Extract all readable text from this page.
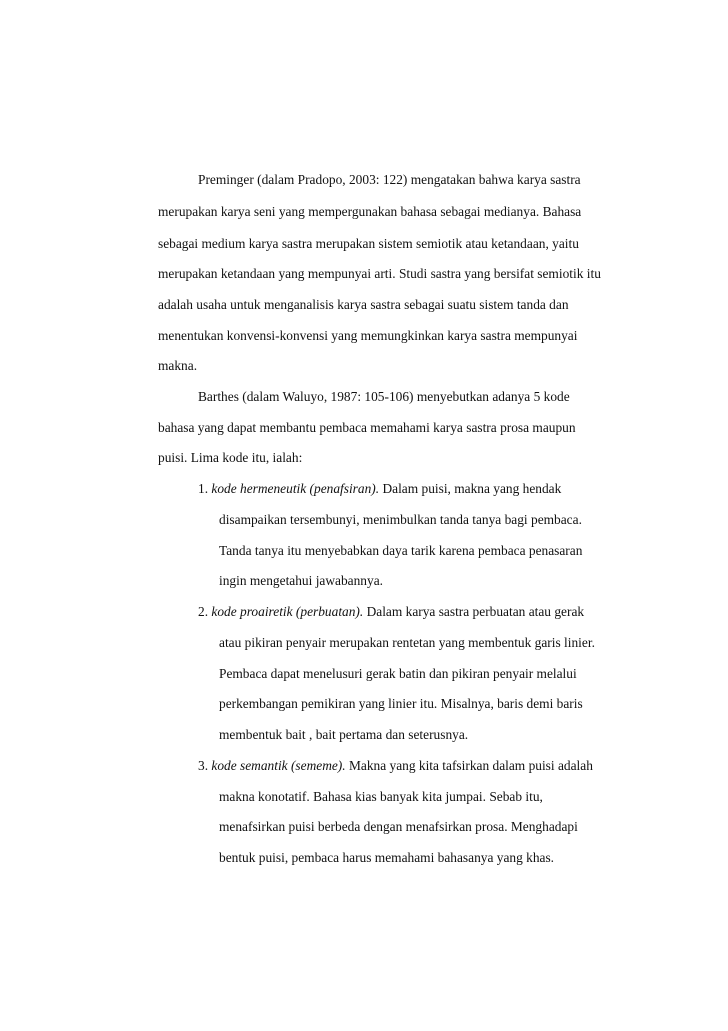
Preminger (dalam Pradopo, 2003: 122) mengatakan bahwa karya sastra
merupakan karya seni yang mempergunakan bahasa sebagai medianya. Bahasa
sebagai medium karya sastra merupakan sistem semiotik atau ketandaan, yaitu
merupakan ketandaan yang mempunyai arti. Studi sastra yang bersifat semiotik itu
adalah usaha untuk menganalisis karya sastra sebagai suatu sistem tanda dan
menentukan konvensi-konvensi yang memungkinkan karya sastra mempunyai
makna.
Barthes (dalam Waluyo, 1987: 105-106) menyebutkan adanya 5 kode
bahasa yang dapat membantu pembaca memahami karya sastra prosa maupun
puisi. Lima kode itu, ialah:
1. kode hermeneutik (penafsiran). Dalam puisi, makna yang hendak
disampaikan tersembunyi, menimbulkan tanda tanya bagi pembaca.
Tanda tanya itu menyebabkan daya tarik karena pembaca penasaran
ingin mengetahui jawabannya.
2. kode proairetik (perbuatan). Dalam karya sastra perbuatan atau gerak
atau pikiran penyair merupakan rentetan yang membentuk garis linier.
Pembaca dapat menelusuri gerak batin dan pikiran penyair melalui
perkembangan pemikiran yang linier itu. Misalnya, baris demi baris
membentuk bait , bait pertama dan seterusnya.
3. kode semantik (sememe). Makna yang kita tafsirkan dalam puisi adalah
makna konotatif. Bahasa kias banyak kita jumpai. Sebab itu,
menafsirkan puisi berbeda dengan menafsirkan prosa. Menghadapi
bentuk puisi, pembaca harus memahami bahasanya yang khas.
